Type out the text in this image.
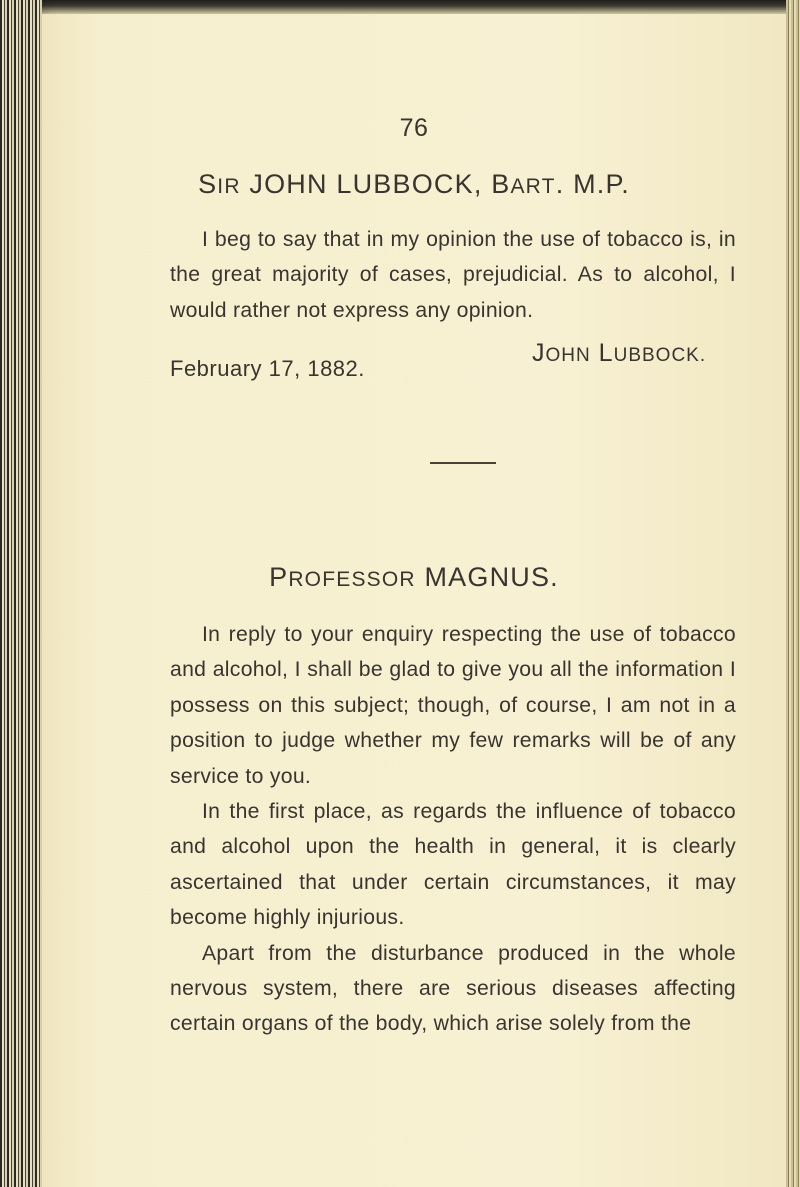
76
SIR JOHN LUBBOCK, BART. M.P.

I beg to say that in my opinion the use of tobacco is, in the great majority of cases, prejudicial. As to alcohol, I would rather not express any opinion.

JOHN LUBBOCK.
February 17, 1882.
PROFESSOR MAGNUS.

In reply to your enquiry respecting the use of tobacco and alcohol, I shall be glad to give you all the information I possess on this subject; though, of course, I am not in a position to judge whether my few remarks will be of any service to you.

In the first place, as regards the influence of tobacco and alcohol upon the health in general, it is clearly ascertained that under certain circumstances, it may become highly injurious.

Apart from the disturbance produced in the whole nervous system, there are serious diseases affecting certain organs of the body, which arise solely from the
